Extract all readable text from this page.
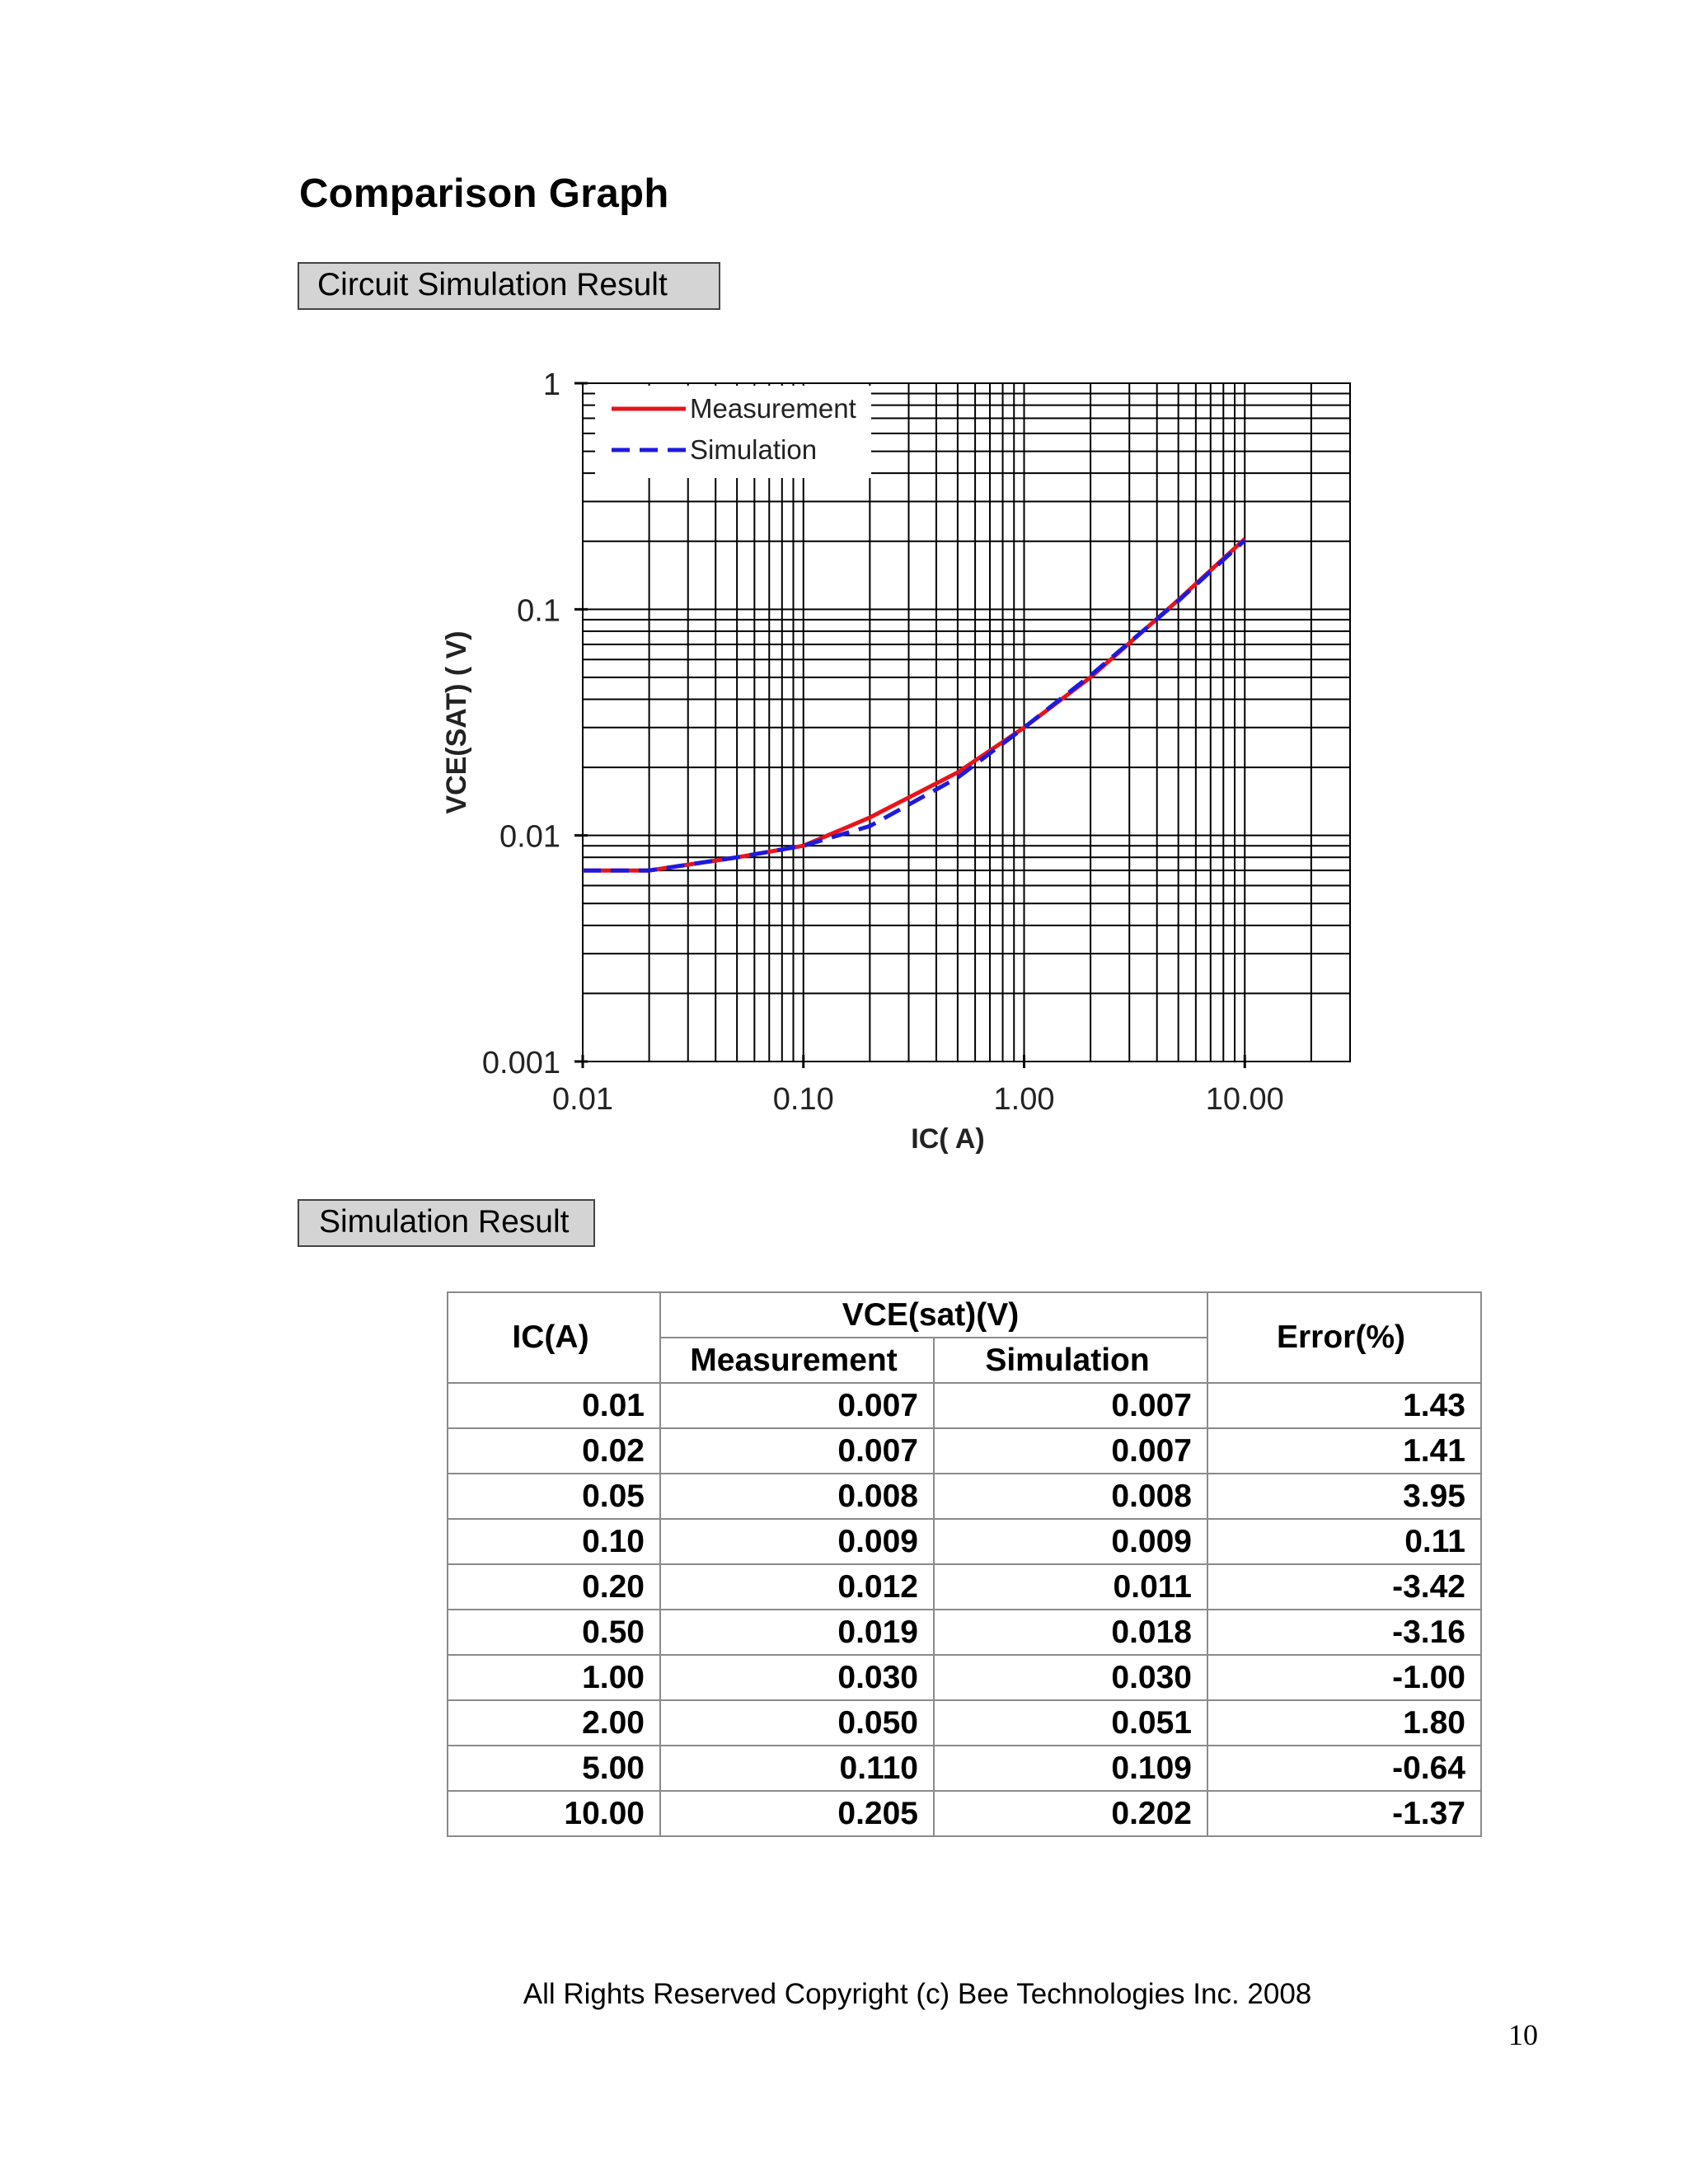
Comparison Graph
Circuit Simulation Result
Measurement
Simulation
0.01	0.10	1.00	10.00
0.001
0.01
0.1
1
IC( A)
VCE(SAT) ( V)
Simulation Result
IC(A)	VCE(sat)(V)		Error(%)
	Measurement	Simulation	
0.01	0.007	0.007	1.43
0.02	0.007	0.007	1.41
0.05	0.008	0.008	3.95
0.10	0.009	0.009	0.11
0.20	0.012	0.011	-3.42
0.50	0.019	0.018	-3.16
1.00	0.030	0.030	-1.00
2.00	0.050	0.051	1.80
5.00	0.110	0.109	-0.64
10.00	0.205	0.202	-1.37
All Rights Reserved Copyright (c) Bee Technologies Inc. 2008
10
